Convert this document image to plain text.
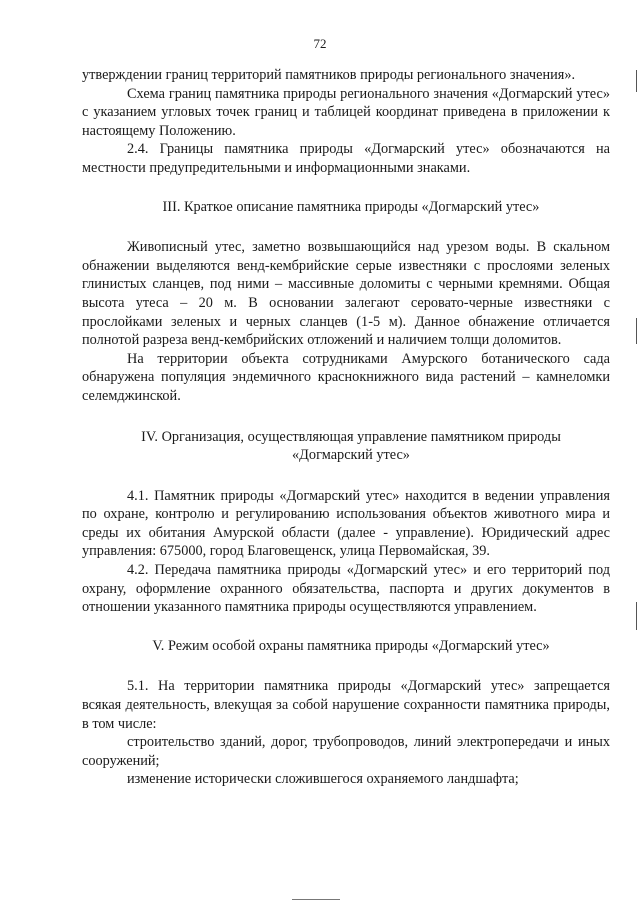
72

утверждении границ территорий памятников природы регионального значения».

Схема границ памятника природы регионального значения «Догмарский утес» с указанием угловых точек границ и таблицей координат приведена в приложении к настоящему Положению.

2.4. Границы памятника природы «Догмарский утес» обозначаются на местности предупредительными и информационными знаками.

III. Краткое описание памятника природы «Догмарский утес»

Живописный утес, заметно возвышающийся над урезом воды. В скальном обнажении выделяются венд-кембрийские серые известняки с прослоями зеленых глинистых сланцев, под ними – массивные доломиты с черными кремнями. Общая высота утеса – 20 м. В основании залегают серовато-черные известняки с прослойками зеленых и черных сланцев (1-5 м). Данное обнажение отличается полнотой разреза венд-кембрийских отложений и наличием толщи доломитов.

На территории объекта сотрудниками Амурского ботанического сада обнаружена популяция эндемичного краснокнижного вида растений – камнеломки селемджинской.

IV. Организация, осуществляющая управление памятником природы
«Догмарский утес»

4.1. Памятник природы «Догмарский утес» находится в ведении управления по охране, контролю и регулированию использования объектов животного мира и среды их обитания Амурской области (далее - управление). Юридический адрес управления: 675000, город Благовещенск, улица Первомайская, 39.

4.2. Передача памятника природы «Догмарский утес» и его территорий под охрану, оформление охранного обязательства, паспорта и других документов в отношении указанного памятника природы осуществляются управлением.

V. Режим особой охраны памятника природы «Догмарский утес»

5.1. На территории памятника природы «Догмарский утес» запрещается всякая деятельность, влекущая за собой нарушение сохранности памятника природы, в том числе:

строительство зданий, дорог, трубопроводов, линий электропередачи и иных сооружений;

изменение исторически сложившегося охраняемого ландшафта;
